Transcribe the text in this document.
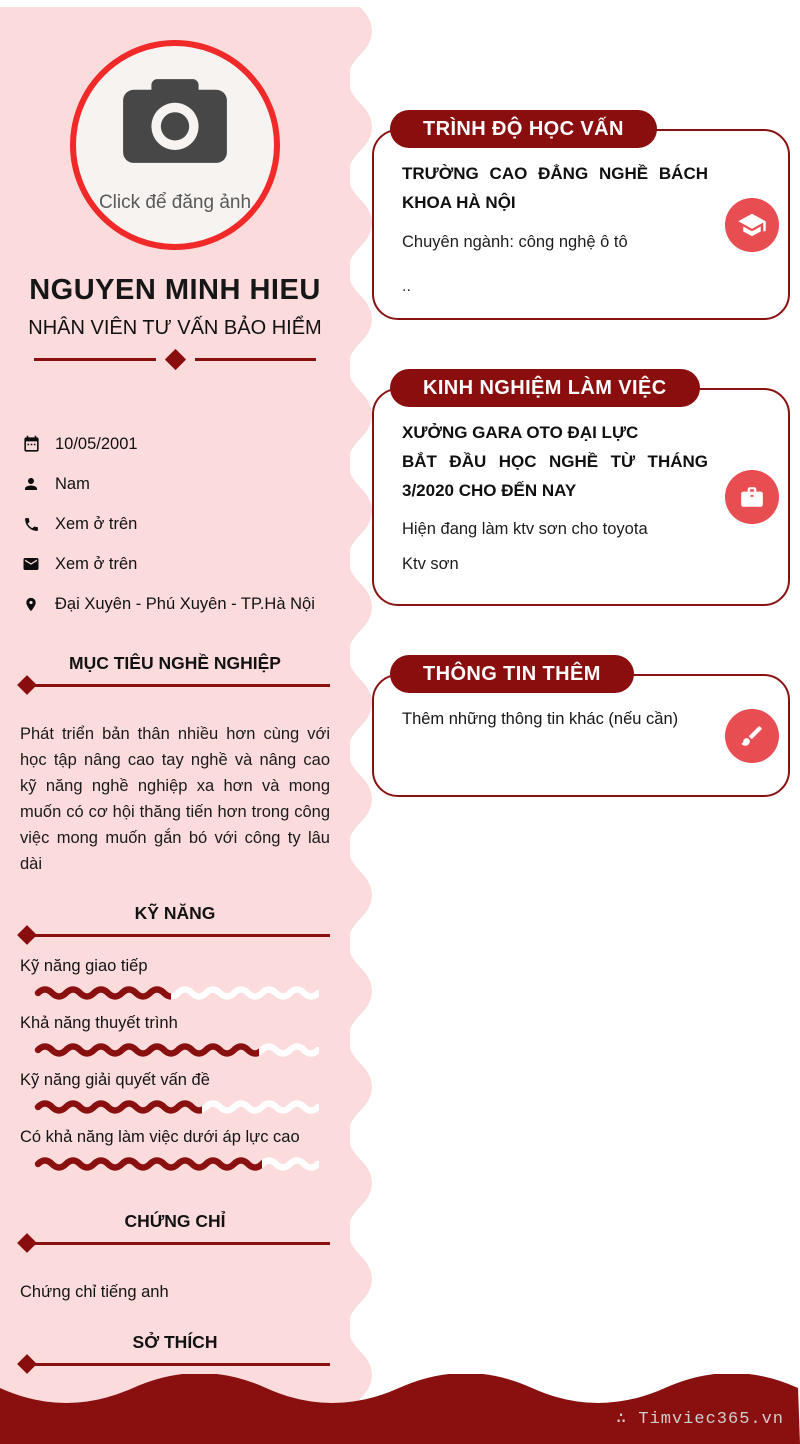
Click để đăng ảnh
NGUYEN MINH HIEU
NHÂN VIÊN TƯ VẤN BẢO HIỂM
10/05/2001
Nam
Xem ở trên
Xem ở trên
Đại Xuyên - Phú Xuyên - TP.Hà Nội
MỤC TIÊU NGHỀ NGHIỆP

Phát triển bản thân nhiều hơn cùng với học tập nâng cao tay nghề và nâng cao kỹ năng nghề nghiệp xa hơn và mong muốn có cơ hội thăng tiến hơn trong công việc mong muốn gắn bó với công ty lâu dài

KỸ NĂNG
Kỹ năng giao tiếp
Khả năng thuyết trình
Kỹ năng giải quyết vấn đề
Có khả năng làm việc dưới áp lực cao
CHỨNG CHỈ

Chứng chỉ tiếng anh

SỞ THÍCH

TRÌNH ĐỘ HỌC VẤN

TRƯỜNG CAO ĐẲNG NGHỀ BÁCH KHOA HÀ NỘI

Chuyên ngành: công nghệ ô tô

..

KINH NGHIỆM LÀM VIỆC

XƯỞNG GARA OTO ĐẠI LỰC

BẮT ĐẦU HỌC NGHỀ TỪ THÁNG 3/2020 CHO ĐẾN NAY

Hiện đang làm ktv sơn cho toyota

Ktv sơn

THÔNG TIN THÊM

Thêm những thông tin khác (nếu cần)

∴ Timviec365.vn
